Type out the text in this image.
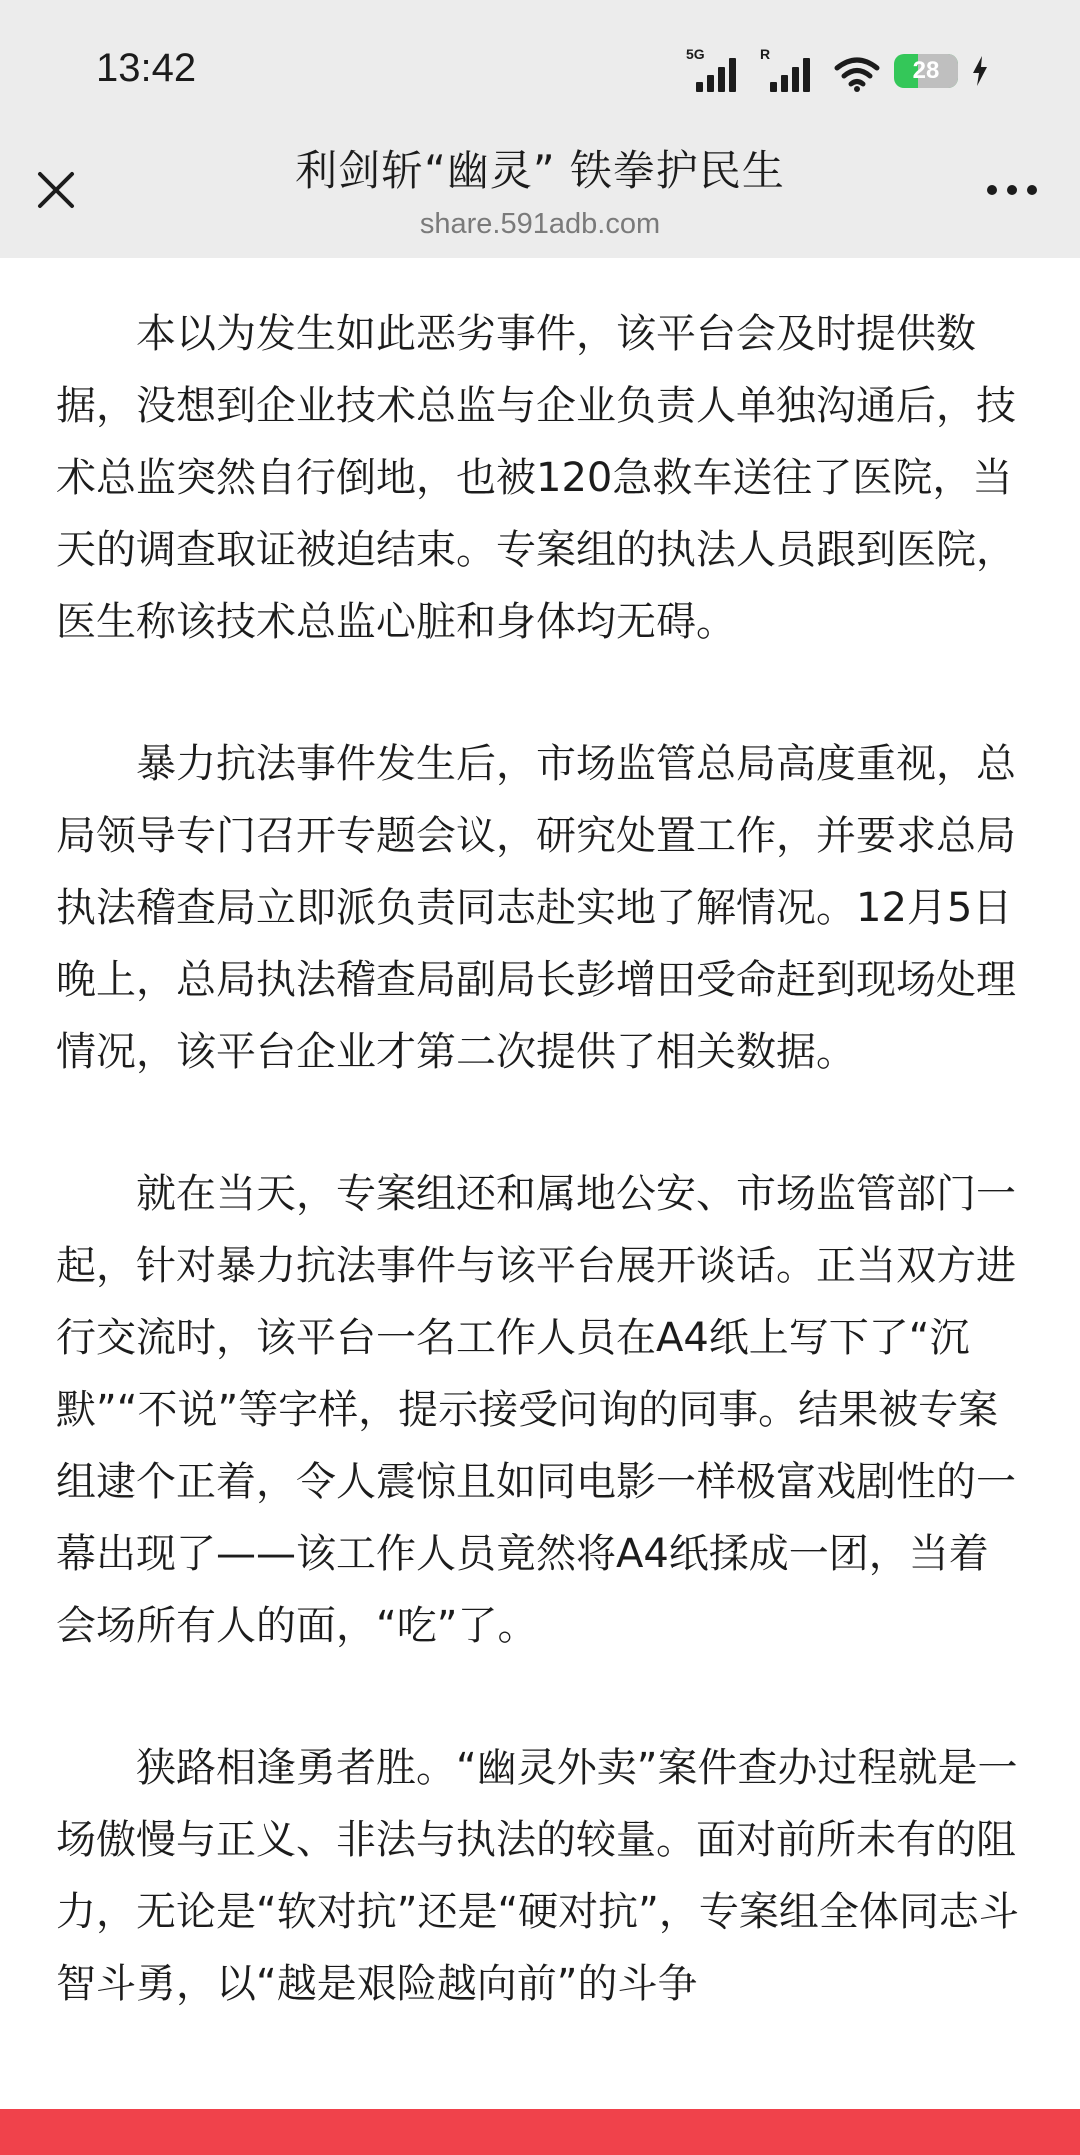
13:42	5G	R
28
利剑斩“幽灵” 铁拳护民生
share.591adb.com

本以为发生如此恶劣事件，该平台会及时提供数据，没想到企业技术总监与企业负责人单独沟通后，技术总监突然自行倒地，也被120急救车送往了医院，当天的调查取证被迫结束。专案组的执法人员跟到医院，医生称该技术总监心脏和身体均无碍。

暴力抗法事件发生后，市场监管总局高度重视，总局领导专门召开专题会议，研究处置工作，并要求总局执法稽查局立即派负责同志赴实地了解情况。12月5日晚上，总局执法稽查局副局长彭增田受命赶到现场处理情况，该平台企业才第二次提供了相关数据。

就在当天，专案组还和属地公安、市场监管部门一起，针对暴力抗法事件与该平台展开谈话。正当双方进行交流时，该平台一名工作人员在A4纸上写下了“沉默”“不说”等字样，提示接受问询的同事。结果被专案组逮个正着，令人震惊且如同电影一样极富戏剧性的一幕出现了——该工作人员竟然将A4纸揉成一团，当着会场所有人的面，“吃”了。

狭路相逢勇者胜。“幽灵外卖”案件查办过程就是一场傲慢与正义、非法与执法的较量。面对前所未有的阻力，无论是“软对抗”还是“硬对抗”，专案组全体同志斗智斗勇，以“越是艰险越向前”的斗争
